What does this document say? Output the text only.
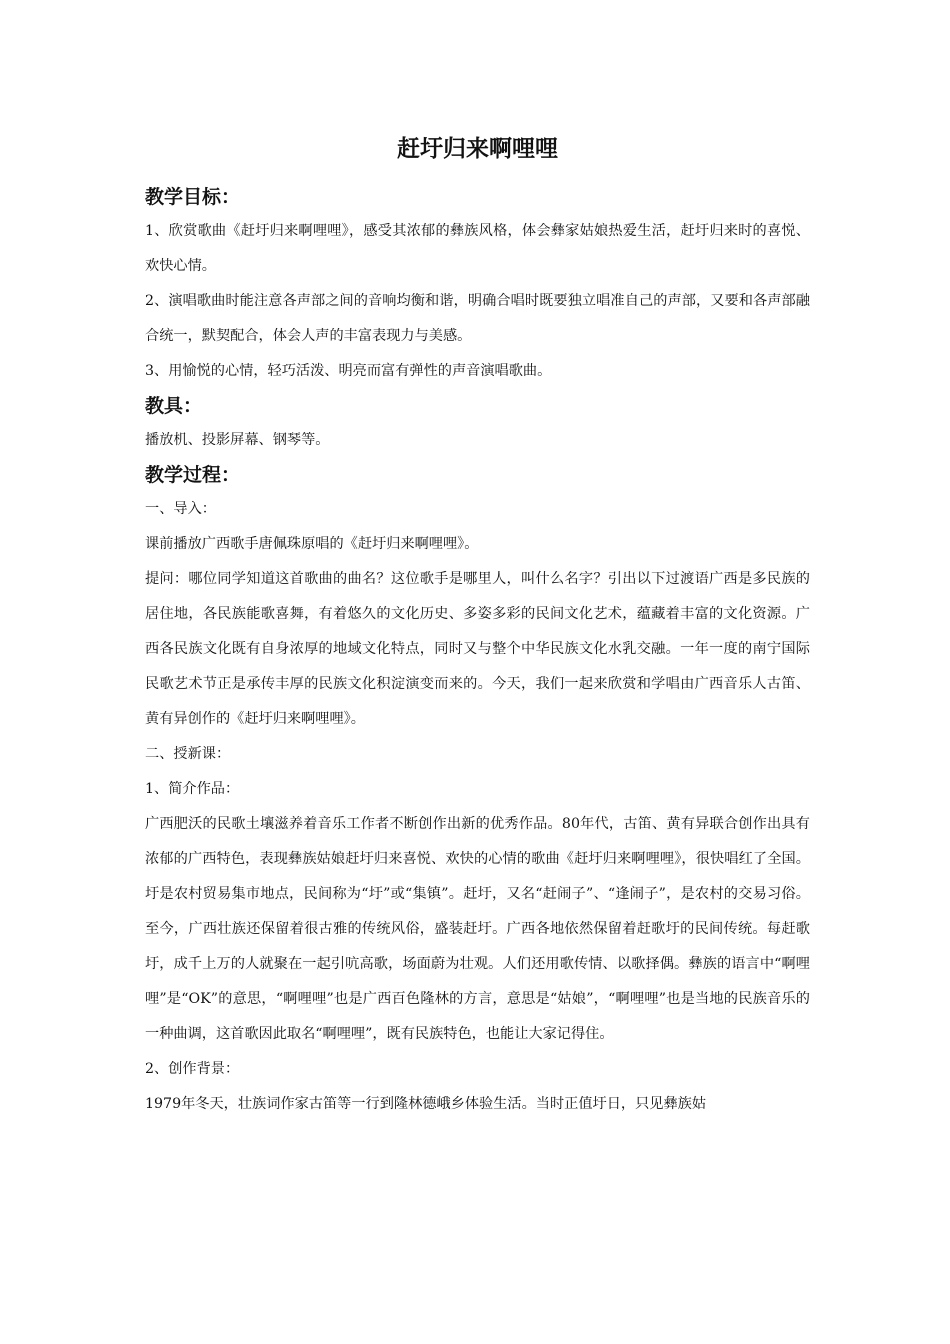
赶圩归来啊哩哩
教学目标：

1、欣赏歌曲《赶圩归来啊哩哩》，感受其浓郁的彝族风格，体会彝家姑娘热爱生活，赶圩归来时的喜悦、欢快心情。

2、演唱歌曲时能注意各声部之间的音响均衡和谐，明确合唱时既要独立唱准自己的声部，又要和各声部融合统一，默契配合，体会人声的丰富表现力与美感。

3、用愉悦的心情，轻巧活泼、明亮而富有弹性的声音演唱歌曲。

教具：

播放机、投影屏幕、钢琴等。

教学过程：

一、导入：

课前播放广西歌手唐佩珠原唱的《赶圩归来啊哩哩》。

提问：哪位同学知道这首歌曲的曲名？这位歌手是哪里人，叫什么名字？引出以下过渡语广西是多民族的居住地，各民族能歌喜舞，有着悠久的文化历史、多姿多彩的民间文化艺术，蕴藏着丰富的文化资源。广西各民族文化既有自身浓厚的地域文化特点，同时又与整个中华民族文化水乳交融。一年一度的南宁国际民歌艺术节正是承传丰厚的民族文化积淀演变而来的。今天，我们一起来欣赏和学唱由广西音乐人古笛、黄有异创作的《赶圩归来啊哩哩》。

二、授新课：

1、简介作品：

广西肥沃的民歌土壤滋养着音乐工作者不断创作出新的优秀作品。80年代，古笛、黄有异联合创作出具有浓郁的广西特色，表现彝族姑娘赶圩归来喜悦、欢快的心情的歌曲《赶圩归来啊哩哩》，很快唱红了全国。圩是农村贸易集市地点，民间称为“圩”或“集镇”。赶圩，又名“赶闹子”、“逢闹子”，是农村的交易习俗。至今，广西壮族还保留着很古雅的传统风俗，盛装赶圩。广西各地依然保留着赶歌圩的民间传统。每赶歌圩，成千上万的人就聚在一起引吭高歌，场面蔚为壮观。人们还用歌传情、以歌择偶。彝族的语言中“啊哩哩”是“OK”的意思，“啊哩哩”也是广西百色隆林的方言，意思是“姑娘”，“啊哩哩”也是当地的民族音乐的一种曲调，这首歌因此取名“啊哩哩”，既有民族特色，也能让大家记得住。

2、创作背景：

1979年冬天，壮族词作家古笛等一行到隆林德峨乡体验生活。当时正值圩日，只见彝族姑
